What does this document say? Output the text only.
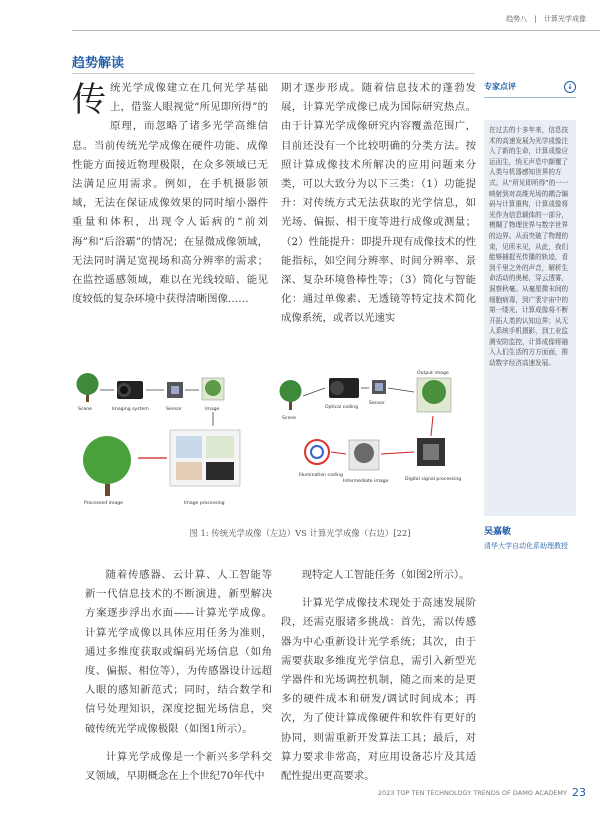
趋势八 | 计算光学成像
趋势解读
传 统光学成像建立在几何光学基础上，借鉴人眼视觉“所见即所得”的原理，而忽略了诸多光学高维信息。当前传统光学成像在硬件功能、成像性能方面接近物理极限，在众多领域已无法满足应用需求。例如，在手机摄影领域，无法在保证成像效果的同时缩小器件重量和体积，出现令人诟病的“前刘海”和“后浴霸”的情况；在显微成像领域，无法同时满足宽视场和高分辨率的需求；在监控遥感领域，难以在光线较暗、能见度较低的复杂环境中获得清晰图像……
期才逐步形成。随着信息技术的蓬勃发展，计算光学成像已成为国际研究热点。由于计算光学成像研究内容覆盖范围广，目前还没有一个比较明确的分类方法。按照计算成像技术所解决的应用问题来分类，可以大致分为以下三类：（1）功能提升：对传统方式无法获取的光学信息，如光场、偏振、相干度等进行成像或测量；（2）性能提升：即提升现有成像技术的性能指标，如空间分辨率、时间分辨率、景深、复杂环境鲁棒性等；（3）简化与智能化：通过单像素、无透镜等特定技术简化成像系统，或者以光速实
专家点评	↓
在过去的十多年来，信息技术的高速发展为光学成像注入了新的生命，计算成像应运而生，悄无声息中颠覆了人类与机器感知世界的方式。从“所见即所得”的一一映射到对高维光场的耦合编码与计算重构，计算成像将光作为信息载体的一部分，模糊了物理世界与数字世界的边界。从而突破了物理的束，见所未见，从此，我们能够捕捉光传播的轨迹，看到千里之外的声音，解析生命活动的奥秘，穿云透雾，洞察秋毫。从毫厘微末间的细胞病毒，到广袤宇宙中的第一缕光，计算成像将不断开拓人类的认知边界；从无人系统手机摄影，到工业监测安防监控，计算成像将融入人们生活的方方面面，推动数字经济高速发展。
吴嘉敏
清华大学自动化系助理教授
Scene	Imaging system	Sensor	Image
Processed image	Image processing
Scene
Optical coding
Sensor
Output image
Illumination coding
Intermediate image	Digital signal processing
图 1: 传统光学成像（左边）VS 计算光学成像（右边）[22]

随着传感器、云计算、人工智能等新一代信息技术的不断演进，新型解决方案逐步浮出水面——计算光学成像。计算光学成像以具体应用任务为准则，通过多维度获取或编码光场信息（如角度、偏振、相位等），为传感器设计远超人眼的感知新范式；同时，结合数学和信号处理知识，深度挖掘光场信息，突破传统光学成像极限（如图1所示）。

计算光学成像是一个新兴多学科交叉领域，早期概念在上个世纪70年代中

现特定人工智能任务（如图2所示）。

计算光学成像技术现处于高速发展阶段，还需克服诸多挑战：首先，需以传感器为中心重新设计光学系统；其次，由于需要获取多维度光学信息，需引入新型光学器件和光场调控机制，随之而来的是更多的硬件成本和研发/调试时间成本；再次，为了使计算成像硬件和软件有更好的协同，则需重新开发算法工具；最后，对算力要求非常高，对应用设备芯片及其适配性提出更高要求。

2023 TOP TEN TECHNOLOGY TRENDS OF DAMO ACADEMY 23
